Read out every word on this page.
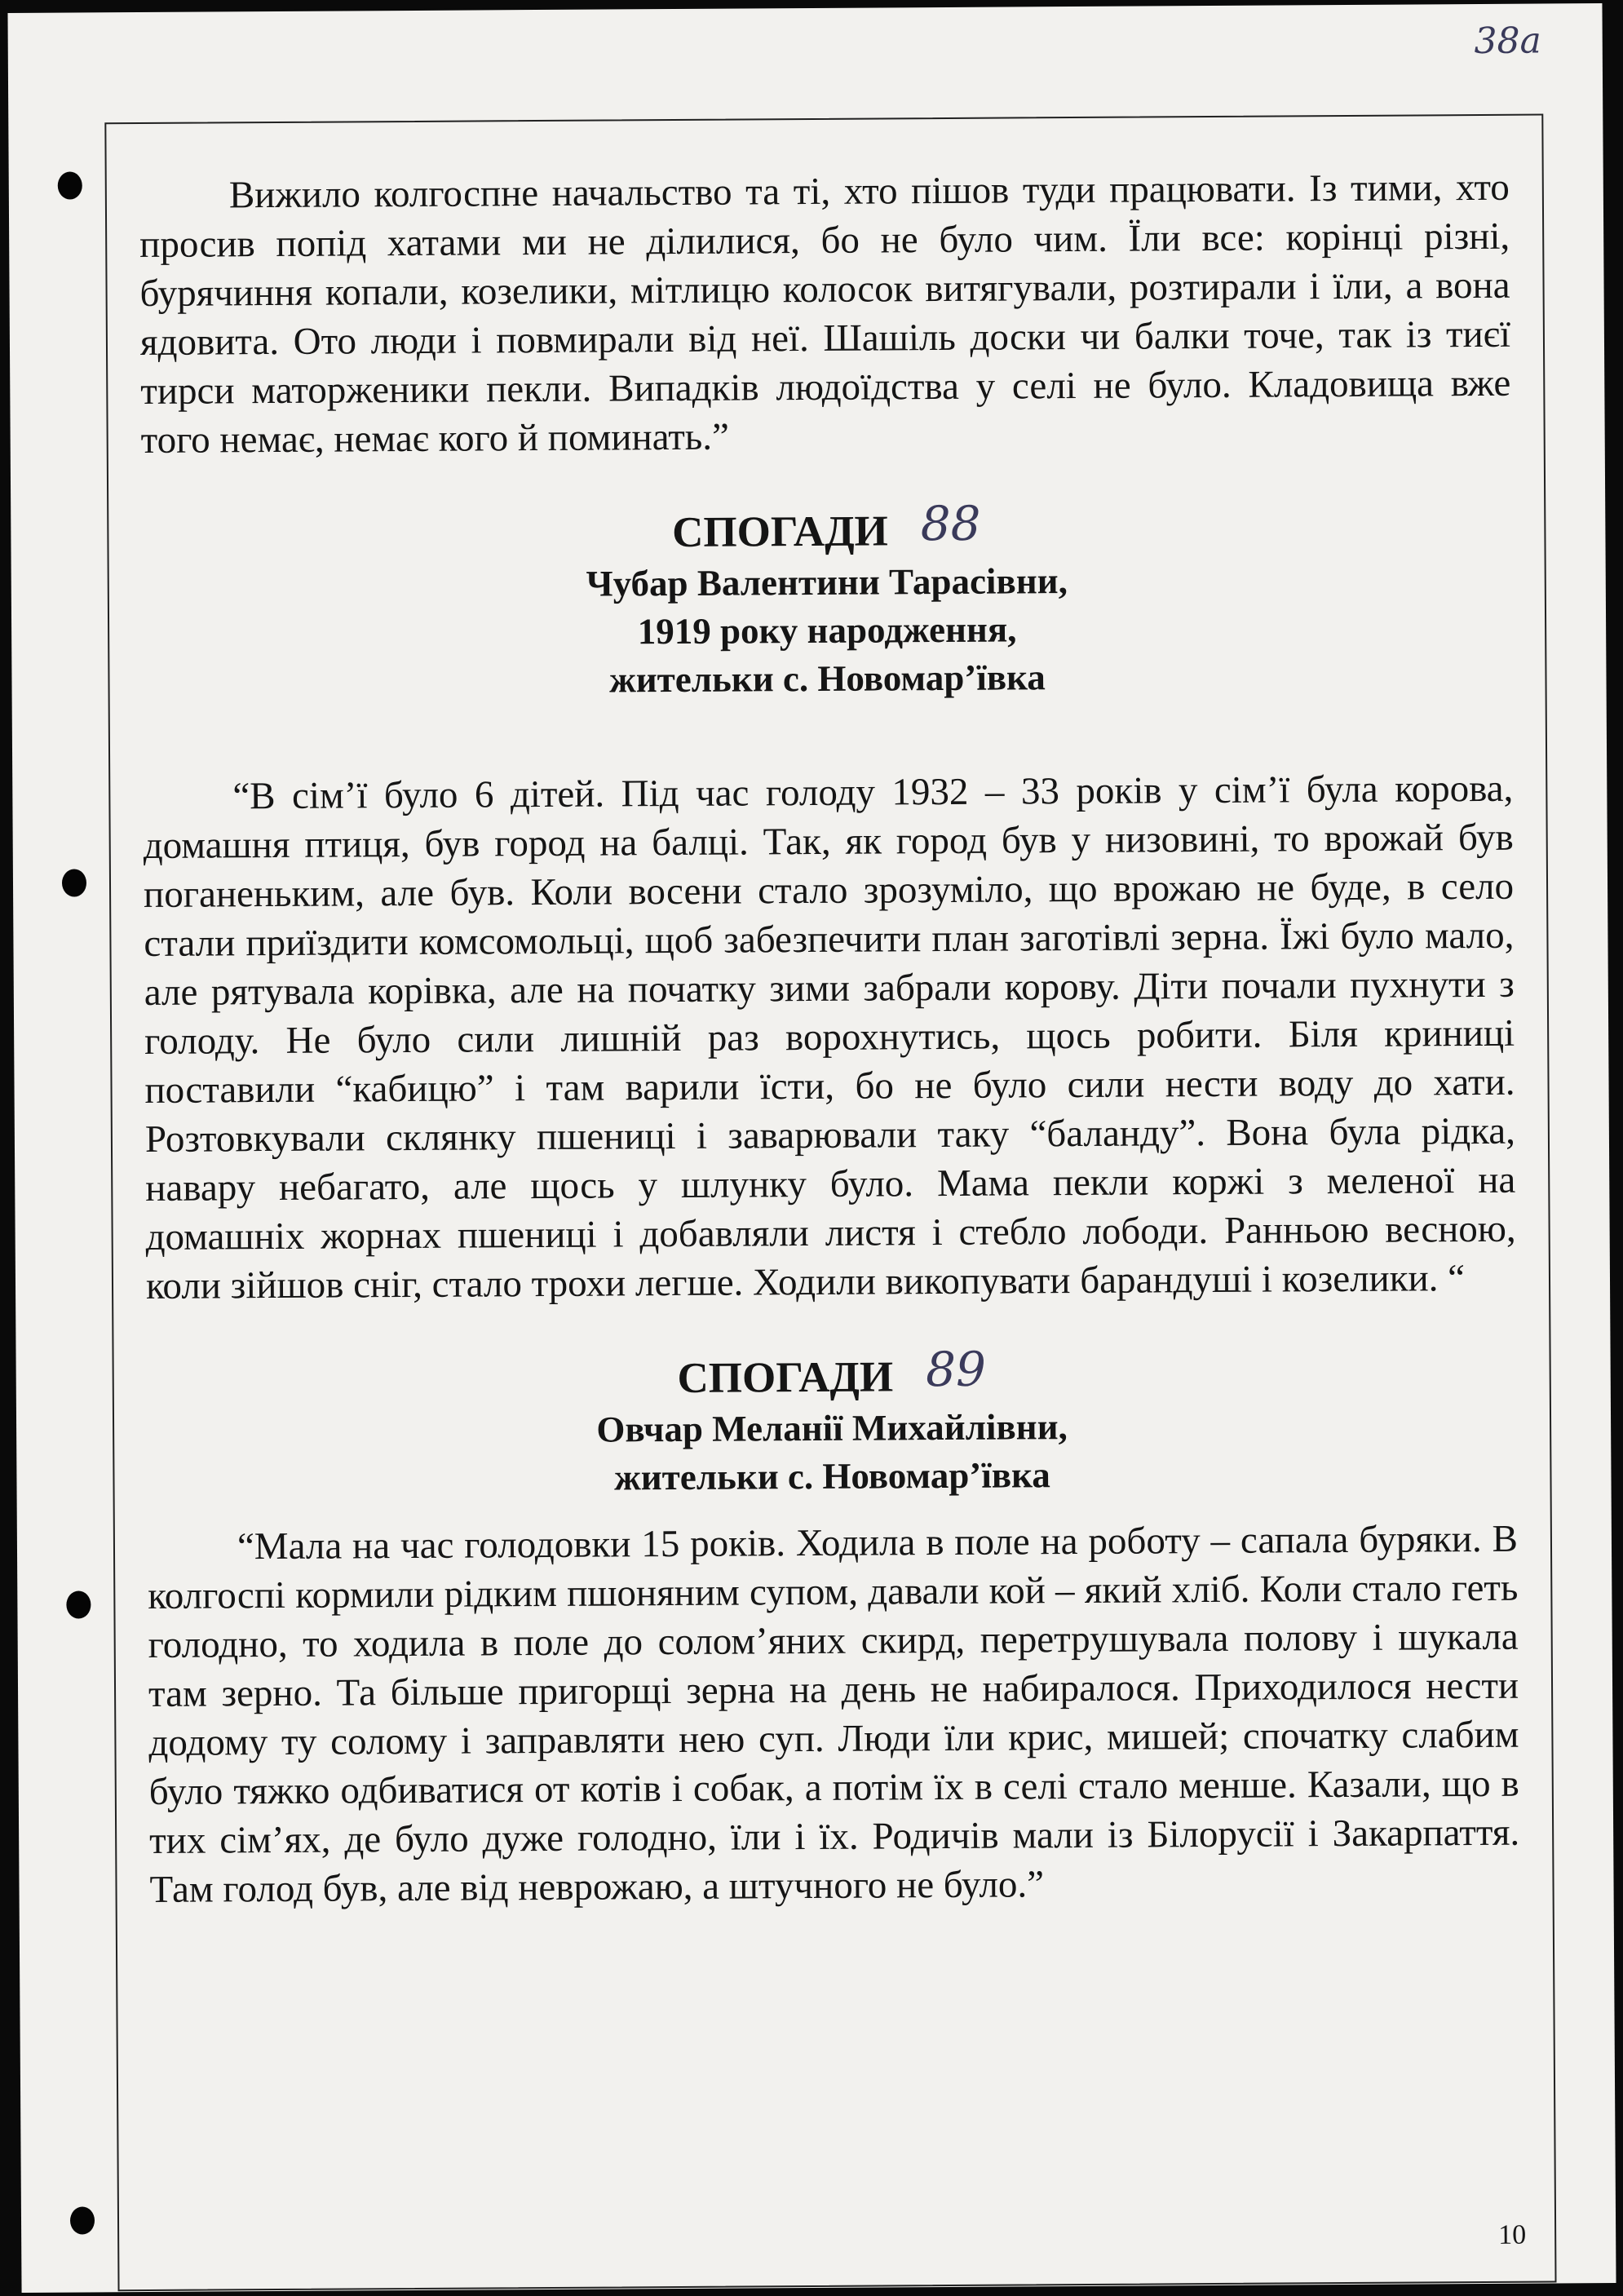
38а

Вижило колгоспне начальство та ті, хто пішов туди працювати. Із тими, хто просив попід хатами ми не ділилися, бо не було чим. Їли все: корінці різні, бурячиння копали, козелики, мітлицю колосок витягували, розтирали і їли, а вона ядовита. Ото люди і повмирали від неї. Шашіль доски чи балки точе, так із тиєї тирси маторженики пекли. Випадків людоїдства у селі не було. Кладовища вже того немає, немає кого й поминать.”

СПОГАДИ 88
Чубар Валентини Тарасівни,
1919 року народження,
жительки с. Новомар’ївка

“В сім’ї було 6 дітей. Під час голоду 1932 – 33 років у сім’ї була корова, домашня птиця, був город на балці. Так, як город був у низовині, то врожай був поганеньким, але був. Коли восени стало зрозуміло, що врожаю не буде, в село стали приїздити комсомольці, щоб забезпечити план заготівлі зерна. Їжі було мало, але рятувала корівка, але на початку зими забрали корову. Діти почали пухнути з голоду. Не було сили лишній раз ворохнутись, щось робити. Біля криниці поставили “кабицю” і там варили їсти, бо не було сили нести воду до хати. Розтовкували склянку пшениці і заварювали таку “баланду”. Вона була рідка, навару небагато, але щось у шлунку було. Мама пекли коржі з меленої на домашніх жорнах пшениці і добавляли листя і стебло лободи. Ранньою весною, коли зійшов сніг, стало трохи легше. Ходили викопувати барандуші і козелики. “

СПОГАДИ 89
Овчар Меланії Михайлівни,
жительки с. Новомар’ївка

“Мала на час голодовки 15 років. Ходила в поле на роботу – сапала буряки. В колгоспі кормили рідким пшоняним супом, давали кой – який хліб. Коли стало геть голодно, то ходила в поле до солом’яних скирд, перетрушувала полову і шукала там зерно. Та більше пригорщі зерна на день не набиралося. Приходилося нести додому ту солому і заправляти нею суп. Люди їли крис, мишей; спочатку слабим було тяжко одбиватися от котів і собак, а потім їх в селі стало менше. Казали, що в тих сім’ях, де було дуже голодно, їли і їх. Родичів мали із Білорусії і Закарпаття. Там голод був, але від неврожаю, а штучного не було.”

10
